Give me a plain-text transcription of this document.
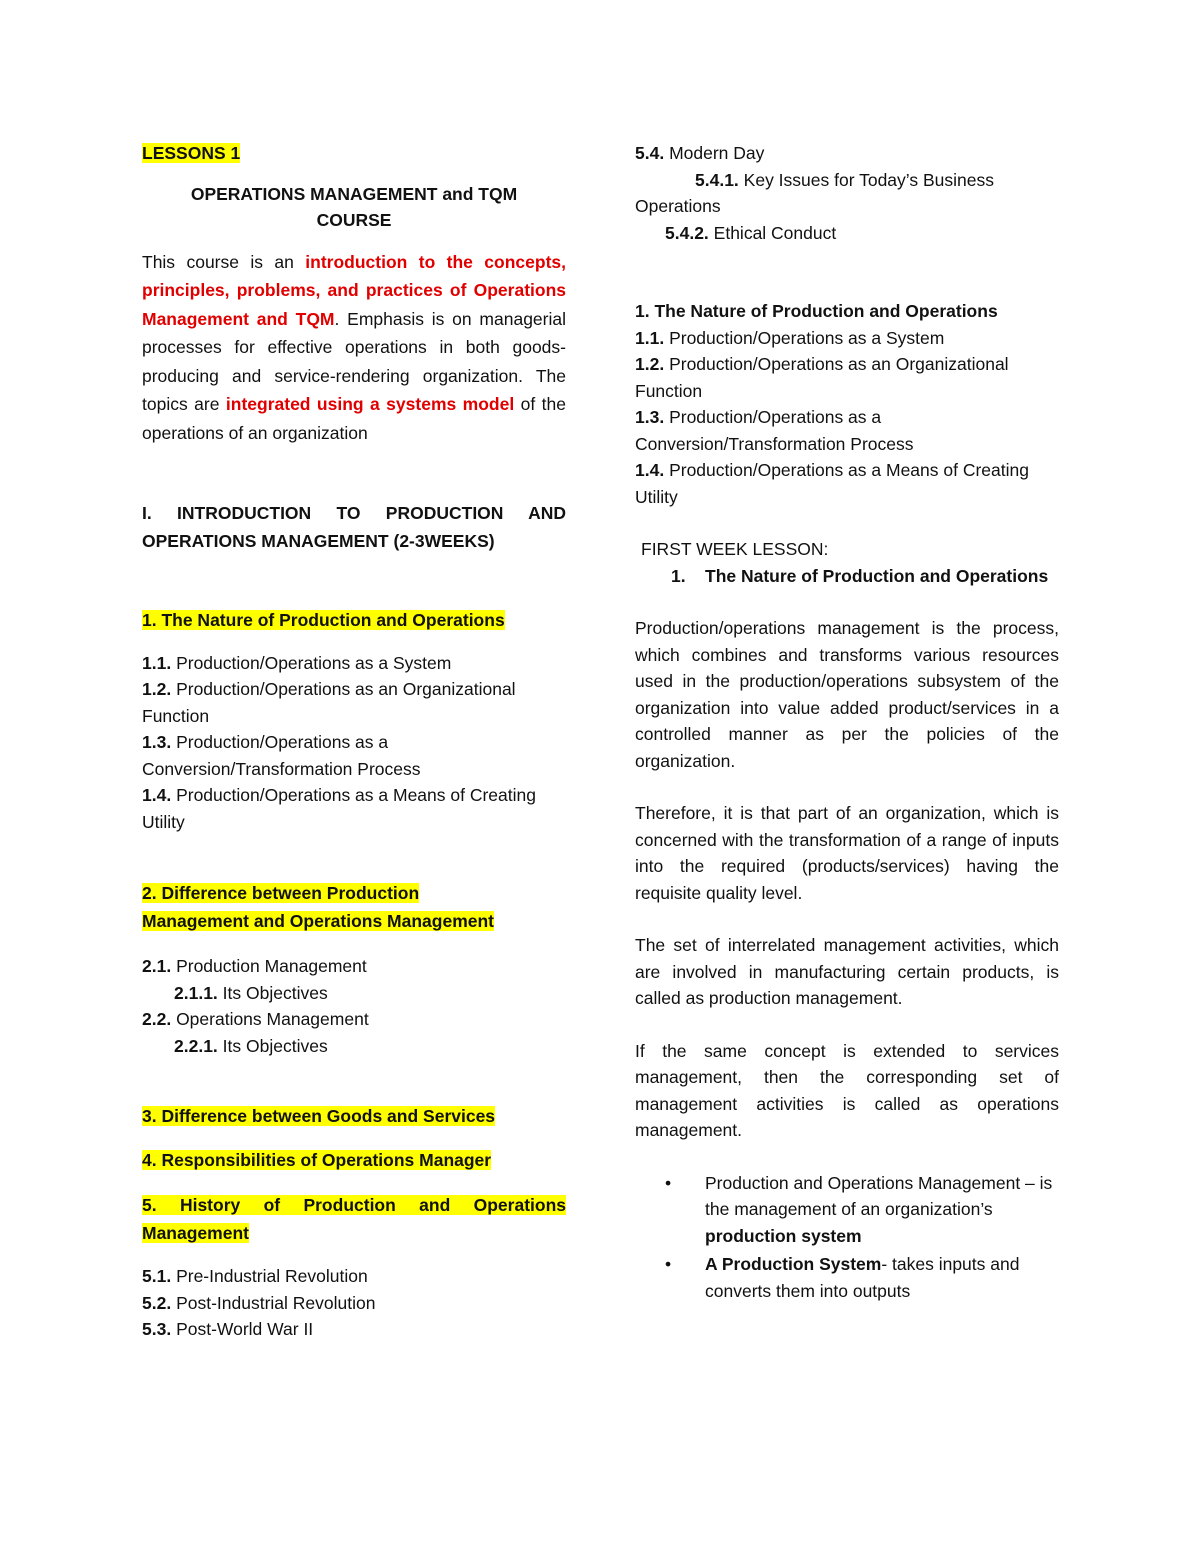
LESSONS 1

OPERATIONS MANAGEMENT and TQM

COURSE

This course is an introduction to the concepts, principles, problems, and practices of Operations Management and TQM. Emphasis is on managerial processes for effective operations in both goods-producing and service-rendering organization. The topics are integrated using a systems model of the operations of an organization

I. INTRODUCTION TO PRODUCTION AND OPERATIONS MANAGEMENT (2-3WEEKS)

1. The Nature of Production and Operations

1.1. Production/Operations as a System

1.2. Production/Operations as an Organizational Function

1.3. Production/Operations as a Conversion/Transformation Process

1.4. Production/Operations as a Means of Creating Utility

2. Difference between Production

Management and Operations Management

2.1. Production Management

2.1.1. Its Objectives

2.2. Operations Management

2.2.1. Its Objectives

3. Difference between Goods and Services

4. Responsibilities of Operations Manager

5. History of Production and Operations Management

5.1. Pre-Industrial Revolution

5.2. Post-Industrial Revolution

5.3. Post-World War II

5.4. Modern Day

5.4.1. Key Issues for Today’s Business Operations

5.4.2. Ethical Conduct

1. The Nature of Production and Operations

1.1. Production/Operations as a System

1.2. Production/Operations as an Organizational Function

1.3. Production/Operations as a Conversion/Transformation Process

1.4. Production/Operations as a Means of Creating Utility

FIRST WEEK LESSON:

1. The Nature of Production and Operations

Production/operations management is the process, which combines and transforms various resources used in the production/operations subsystem of the organization into value added product/services in a controlled manner as per the policies of the organization.

Therefore, it is that part of an organization, which is concerned with the transformation of a range of inputs into the required (products/services) having the requisite quality level.

The set of interrelated management activities, which are involved in manufacturing certain products, is called as production management.

If the same concept is extended to services management, then the corresponding set of management activities is called as operations management.

• Production and Operations Management – is the management of an organization’s production system

• A Production System- takes inputs and converts them into outputs
